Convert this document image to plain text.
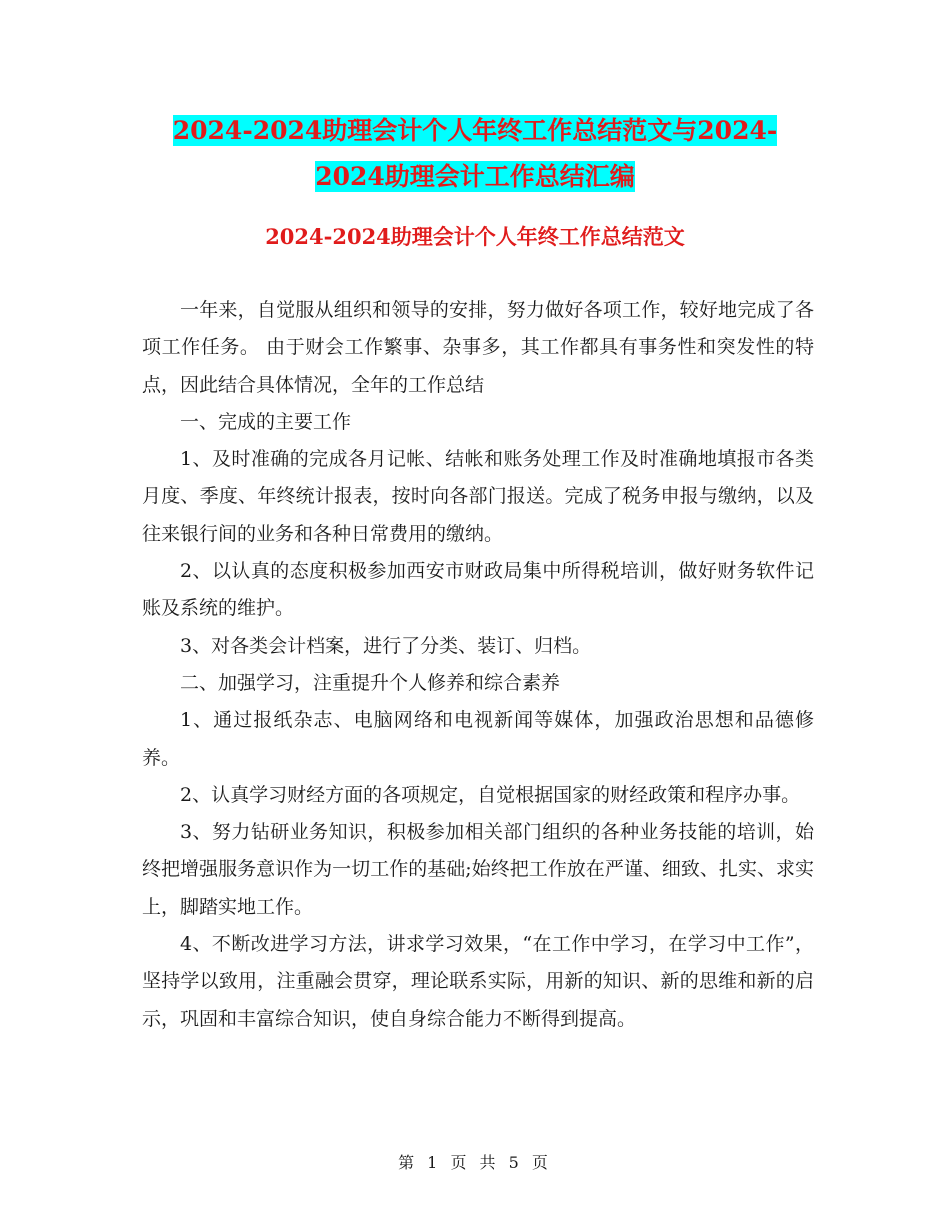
2024-2024助理会计个人年终工作总结范文与2024-
2024助理会计工作总结汇编
2024-2024助理会计个人年终工作总结范文

一年来，自觉服从组织和领导的安排，努力做好各项工作，较好地完成了各项工作任务。 由于财会工作繁事、杂事多，其工作都具有事务性和突发性的特点，因此结合具体情况，全年的工作总结

一、完成的主要工作

1、及时准确的完成各月记帐、结帐和账务处理工作及时准确地填报市各类月度、季度、年终统计报表，按时向各部门报送。完成了税务申报与缴纳，以及往来银行间的业务和各种日常费用的缴纳。

2、以认真的态度积极参加西安市财政局集中所得税培训，做好财务软件记账及系统的维护。

3、对各类会计档案，进行了分类、装订、归档。

二、加强学习，注重提升个人修养和综合素养

1、通过报纸杂志、电脑网络和电视新闻等媒体，加强政治思想和品德修养。

2、认真学习财经方面的各项规定，自觉根据国家的财经政策和程序办事。

3、努力钻研业务知识，积极参加相关部门组织的各种业务技能的培训，始终把增强服务意识作为一切工作的基础;始终把工作放在严谨、细致、扎实、求实上，脚踏实地工作。

4、不断改进学习方法，讲求学习效果，“在工作中学习，在学习中工作”，坚持学以致用，注重融会贯穿，理论联系实际，用新的知识、新的思维和新的启示，巩固和丰富综合知识，使自身综合能力不断得到提高。

第 1 页 共 5 页
